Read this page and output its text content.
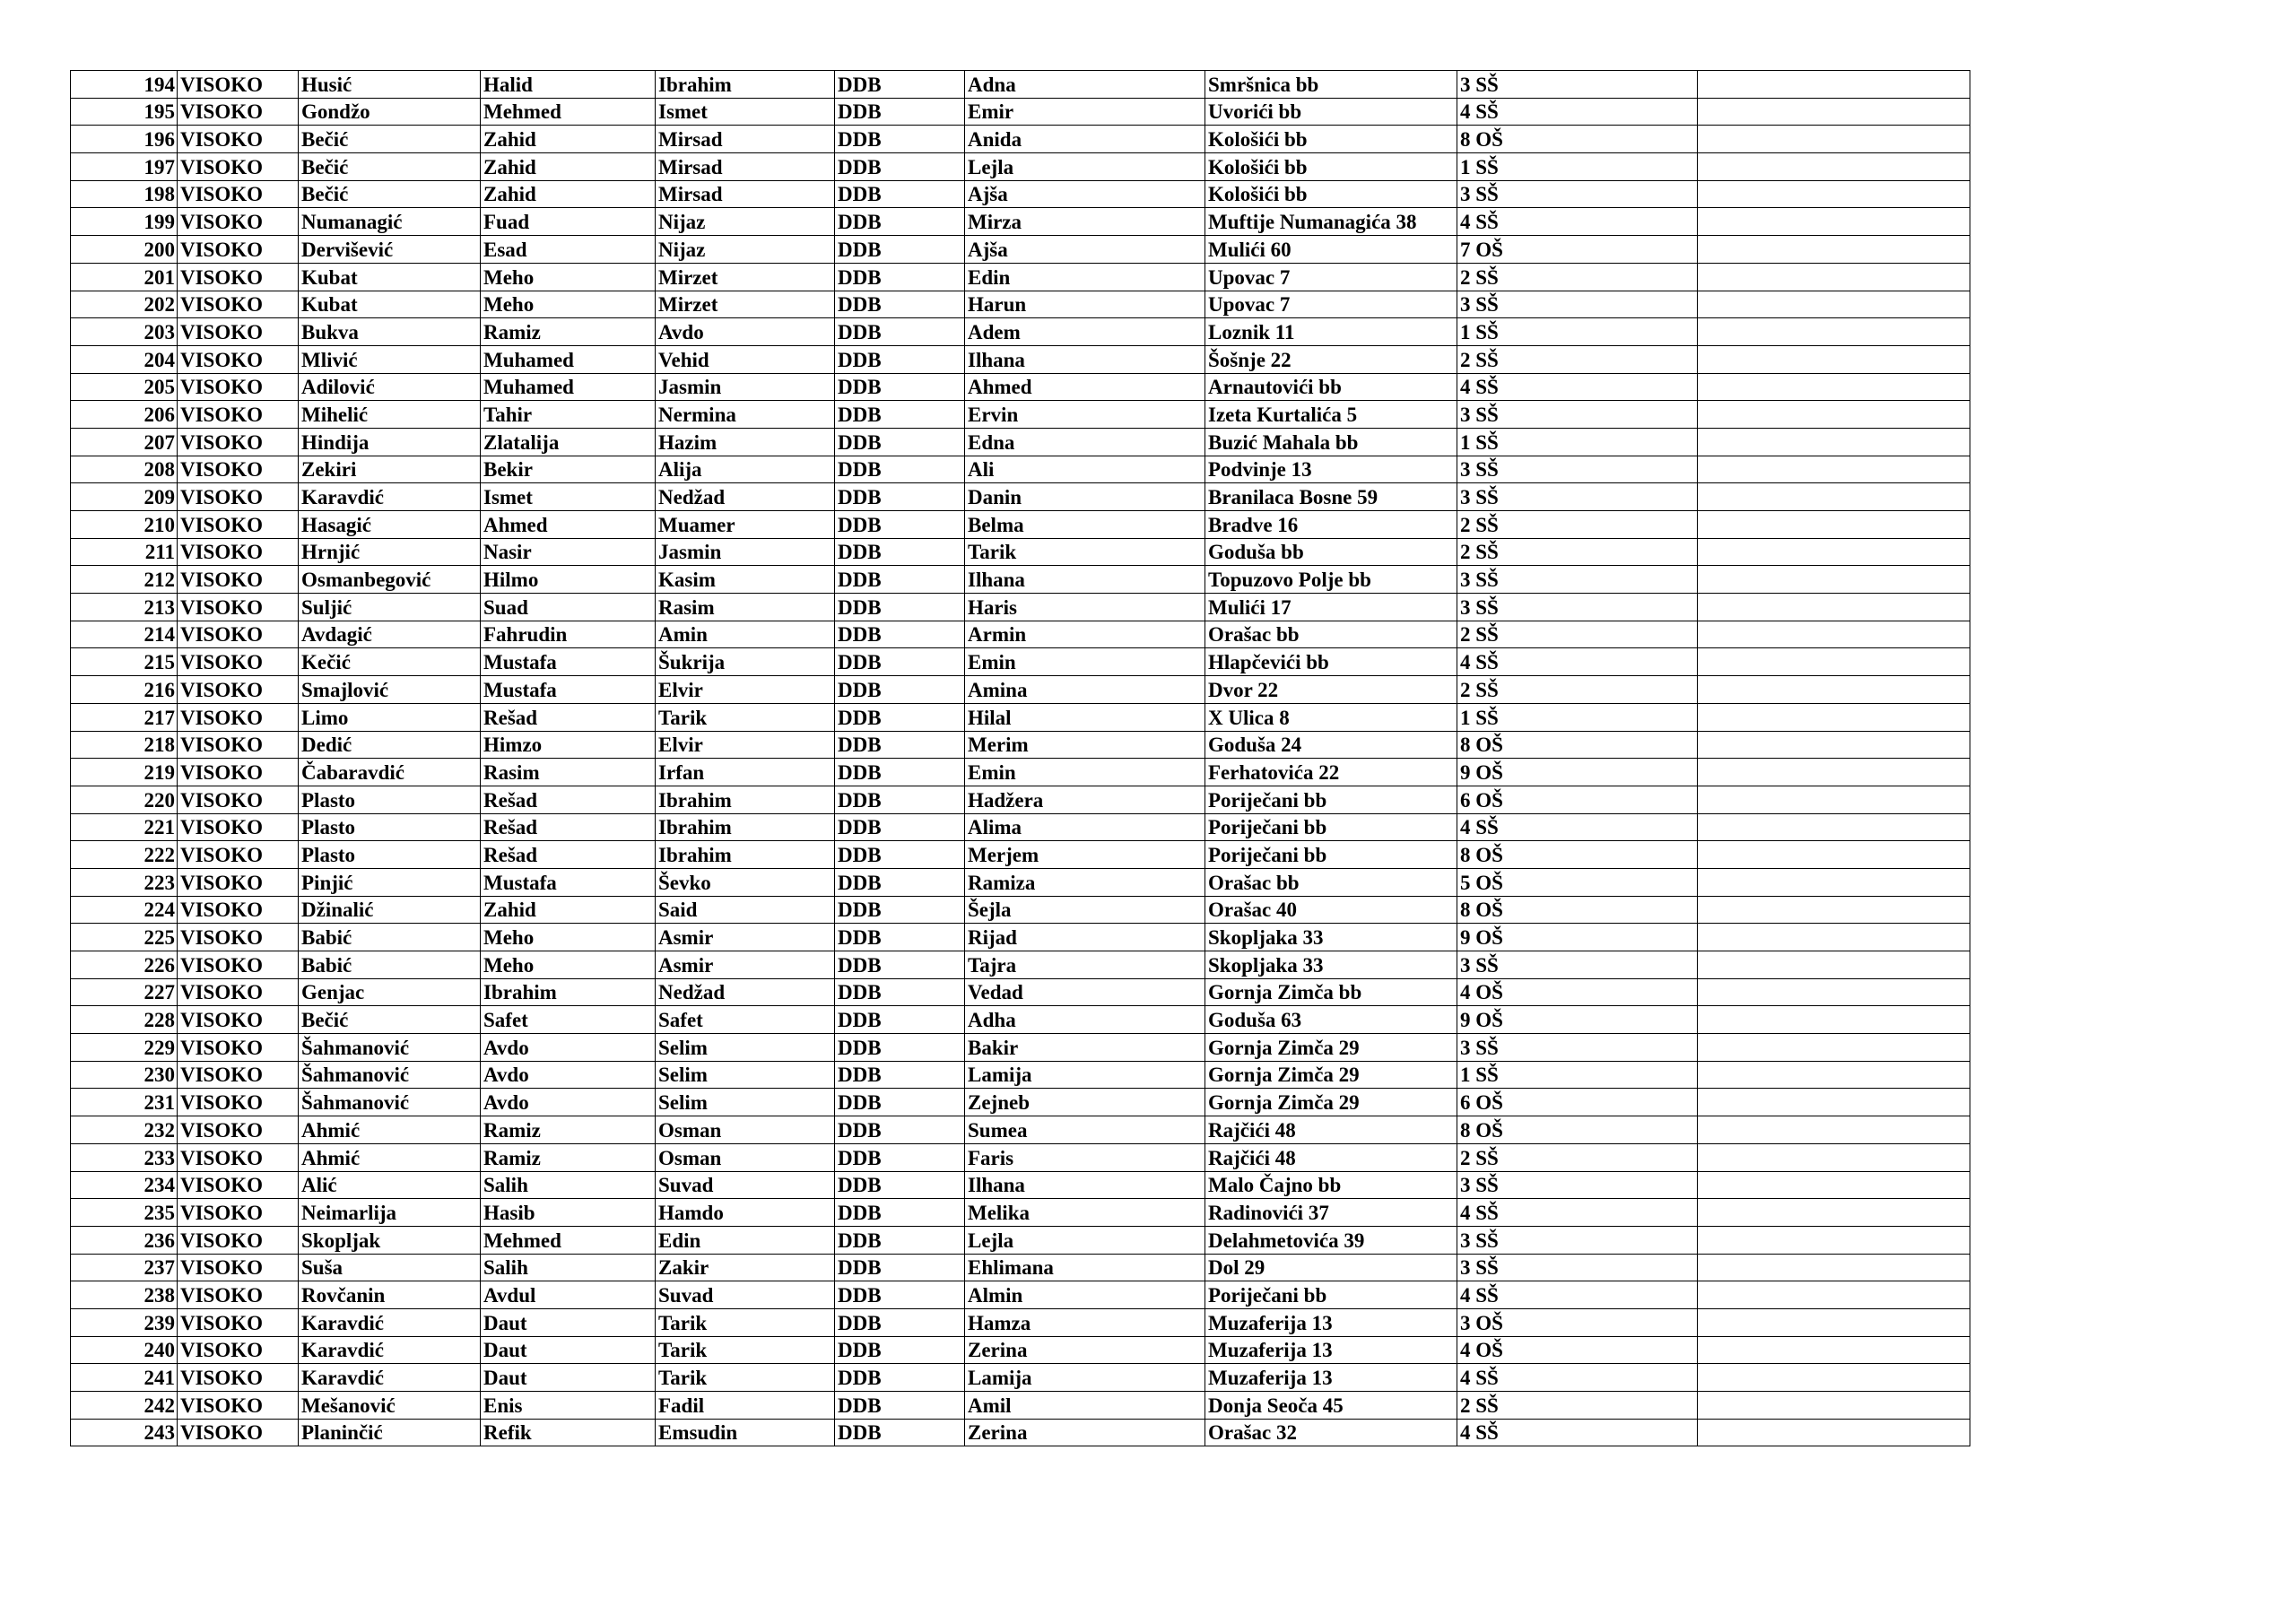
194	VISOKO	Husić	Halid	Ibrahim	DDB	Adna	Smršnica bb	3 SŠ	
195	VISOKO	Gondžo	Mehmed	Ismet	DDB	Emir	Uvorići bb	4 SŠ	
196	VISOKO	Bečić	Zahid	Mirsad	DDB	Anida	Kološići bb	8 OŠ	
197	VISOKO	Bečić	Zahid	Mirsad	DDB	Lejla	Kološići bb	1 SŠ	
198	VISOKO	Bečić	Zahid	Mirsad	DDB	Ajša	Kološići bb	3 SŠ	
199	VISOKO	Numanagić	Fuad	Nijaz	DDB	Mirza	Muftije Numanagića 38	4 SŠ	
200	VISOKO	Dervišević	Esad	Nijaz	DDB	Ajša	Mulići 60	7 OŠ	
201	VISOKO	Kubat	Meho	Mirzet	DDB	Edin	Upovac 7	2 SŠ	
202	VISOKO	Kubat	Meho	Mirzet	DDB	Harun	Upovac 7	3 SŠ	
203	VISOKO	Bukva	Ramiz	Avdo	DDB	Adem	Loznik 11	1 SŠ	
204	VISOKO	Mlivić	Muhamed	Vehid	DDB	Ilhana	Šošnje 22	2 SŠ	
205	VISOKO	Adilović	Muhamed	Jasmin	DDB	Ahmed	Arnautovići bb	4 SŠ	
206	VISOKO	Mihelić	Tahir	Nermina	DDB	Ervin	Izeta Kurtalića 5	3 SŠ	
207	VISOKO	Hindija	Zlatalija	Hazim	DDB	Edna	Buzić Mahala bb	1 SŠ	
208	VISOKO	Zekiri	Bekir	Alija	DDB	Ali	Podvinje 13	3 SŠ	
209	VISOKO	Karavdić	Ismet	Nedžad	DDB	Danin	Branilaca Bosne 59	3 SŠ	
210	VISOKO	Hasagić	Ahmed	Muamer	DDB	Belma	Bradve 16	2 SŠ	
211	VISOKO	Hrnjić	Nasir	Jasmin	DDB	Tarik	Goduša bb	2 SŠ	
212	VISOKO	Osmanbegović	Hilmo	Kasim	DDB	Ilhana	Topuzovo Polje bb	3 SŠ	
213	VISOKO	Suljić	Suad	Rasim	DDB	Haris	Mulići 17	3 SŠ	
214	VISOKO	Avdagić	Fahrudin	Amin	DDB	Armin	Orašac bb	2 SŠ	
215	VISOKO	Kečić	Mustafa	Šukrija	DDB	Emin	Hlapčevići bb	4 SŠ	
216	VISOKO	Smajlović	Mustafa	Elvir	DDB	Amina	Dvor 22	2 SŠ	
217	VISOKO	Limo	Rešad	Tarik	DDB	Hilal	X Ulica 8	1 SŠ	
218	VISOKO	Dedić	Himzo	Elvir	DDB	Merim	Goduša 24	8 OŠ	
219	VISOKO	Čabaravdić	Rasim	Irfan	DDB	Emin	Ferhatovića 22	9 OŠ	
220	VISOKO	Plasto	Rešad	Ibrahim	DDB	Hadžera	Poriječani bb	6 OŠ	
221	VISOKO	Plasto	Rešad	Ibrahim	DDB	Alima	Poriječani bb	4 SŠ	
222	VISOKO	Plasto	Rešad	Ibrahim	DDB	Merjem	Poriječani bb	8 OŠ	
223	VISOKO	Pinjić	Mustafa	Ševko	DDB	Ramiza	Orašac bb	5 OŠ	
224	VISOKO	Džinalić	Zahid	Said	DDB	Šejla	Orašac 40	8 OŠ	
225	VISOKO	Babić	Meho	Asmir	DDB	Rijad	Skopljaka 33	9 OŠ	
226	VISOKO	Babić	Meho	Asmir	DDB	Tajra	Skopljaka 33	3 SŠ	
227	VISOKO	Genjac	Ibrahim	Nedžad	DDB	Vedad	Gornja Zimča bb	4 OŠ	
228	VISOKO	Bečić	Safet	Safet	DDB	Adha	Goduša 63	9 OŠ	
229	VISOKO	Šahmanović	Avdo	Selim	DDB	Bakir	Gornja Zimča 29	3 SŠ	
230	VISOKO	Šahmanović	Avdo	Selim	DDB	Lamija	Gornja Zimča 29	1 SŠ	
231	VISOKO	Šahmanović	Avdo	Selim	DDB	Zejneb	Gornja Zimča 29	6 OŠ	
232	VISOKO	Ahmić	Ramiz	Osman	DDB	Sumea	Rajčići 48	8 OŠ	
233	VISOKO	Ahmić	Ramiz	Osman	DDB	Faris	Rajčići 48	2 SŠ	
234	VISOKO	Alić	Salih	Suvad	DDB	Ilhana	Malo Čajno bb	3 SŠ	
235	VISOKO	Neimarlija	Hasib	Hamdo	DDB	Melika	Radinovići 37	4 SŠ	
236	VISOKO	Skopljak	Mehmed	Edin	DDB	Lejla	Delahmetovića 39	3 SŠ	
237	VISOKO	Suša	Salih	Zakir	DDB	Ehlimana	Dol 29	3 SŠ	
238	VISOKO	Rovčanin	Avdul	Suvad	DDB	Almin	Poriječani bb	4 SŠ	
239	VISOKO	Karavdić	Daut	Tarik	DDB	Hamza	Muzaferija 13	3 OŠ	
240	VISOKO	Karavdić	Daut	Tarik	DDB	Zerina	Muzaferija 13	4 OŠ	
241	VISOKO	Karavdić	Daut	Tarik	DDB	Lamija	Muzaferija 13	4 SŠ	
242	VISOKO	Mešanović	Enis	Fadil	DDB	Amil	Donja Seoča 45	2 SŠ	
243	VISOKO	Planinčić	Refik	Emsudin	DDB	Zerina	Orašac 32	4 SŠ	
